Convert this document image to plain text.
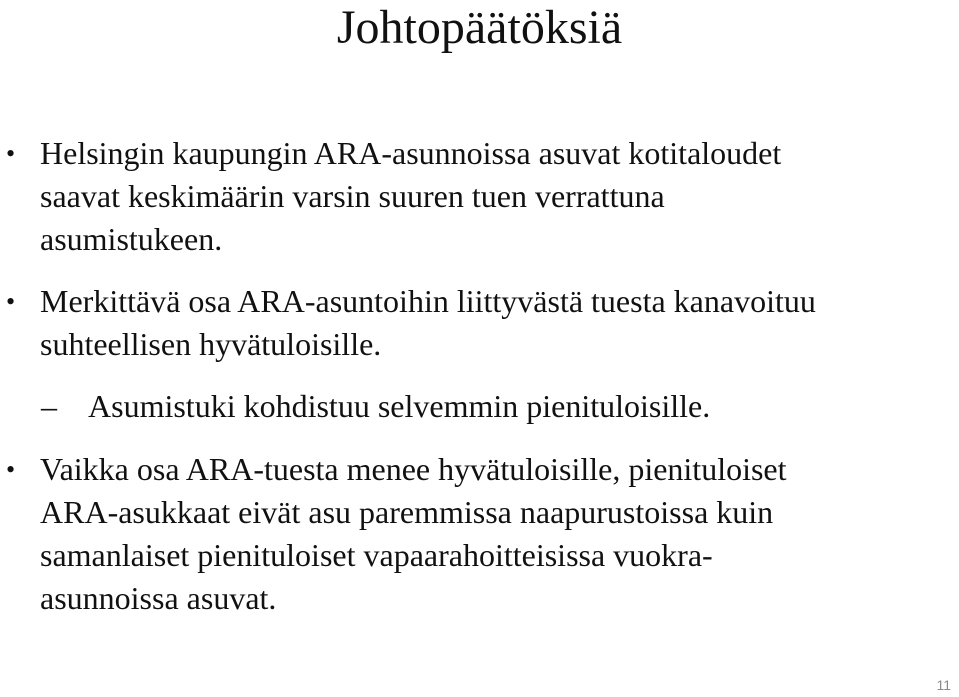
Johtopäätöksiä
• Helsingin kaupungin ARA-asunnoissa asuvat kotitaloudet
saavat keskimäärin varsin suuren tuen verrattuna
asumistukeen.
• Merkittävä osa ARA-asuntoihin liittyvästä tuesta kanavoituu
suhteellisen hyvätuloisille.
– Asumistuki kohdistuu selvemmin pienituloisille.
• Vaikka osa ARA-tuesta menee hyvätuloisille, pienituloiset
ARA-asukkaat eivät asu paremmissa naapurustoissa kuin
samanlaiset pienituloiset vapaarahoitteisissa vuokra-
asunnoissa asuvat.
11
